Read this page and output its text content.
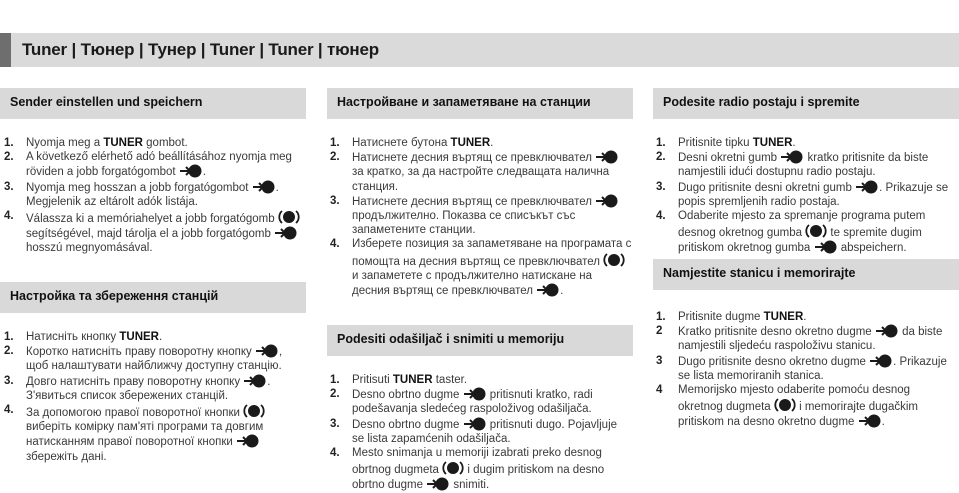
Tuner | Тюнер | Тунер | Tuner | Tuner | тюнер
Sender einstellen und speichern
1. Nyomja meg a TUNER gombot.
2. A következő elérhető adó beállításához nyomja meg röviden a jobb forgatógombot .
3. Nyomja meg hosszan a jobb forgatógombot . Megjelenik az eltárolt adók listája.
4. Válassza ki a memóriahelyet a jobb forgatógomb  segítségével, majd tárolja el a jobb forgatógomb  hosszú megnyomásával.
Настройка та збереження станцій
1. Натисніть кнопку TUNER.
2. Коротко натисніть праву поворотну кнопку , щоб налаштувати найближчу доступну станцію.
3. Довго натисніть праву поворотну кнопку . З'явиться список збережених станцій.
4. За допомогою правої поворотної кнопки  виберіть комірку пам'яті програми та довгим натисканням правої поворотної кнопки  збережіть дані.
Настройване и запаметяване на станции
1. Натиснете бутона TUNER.
2. Натиснете десния въртящ се превключвател  за кратко, за да настройте следващата налична станция.
3. Натиснете десния въртящ се превключвател  продължително. Показва се списъкът със запаметените станции.
4. Изберете позиция за запаметяване на програмата с помощта на десния въртящ се превключвател  и запаметете с продължително натискане на десния въртящ се превключвател .
Podesiti odašiljač i snimiti u memoriju
1. Pritisuti TUNER taster.
2. Desno obrtno dugme  pritisnuti kratko, radi podešavanja sledećeg raspoloživog odašiljača.
3. Desno obrtno dugme  pritisnuti dugo. Pojavljuje se lista zapamćenih odašiljača.
4. Mesto snimanja u memoriji izabrati preko desnog obrtnog dugmeta  i dugim pritiskom na desno obrtno dugme  snimiti.
Podesite radio postaju i spremite
1. Pritisnite tipku TUNER.
2. Desni okretni gumb  kratko pritisnite da biste namjestili idući dostupnu radio postaju.
3. Dugo pritisnite desni okretni gumb . Prikazuje se popis spremljenih radio postaja.
4. Odaberite mjesto za spremanje programa putem desnog okretnog gumba  te spremite dugim pritiskom okretnog gumba  abspeichern.
Namjestite stanicu i memorirajte
1. Pritisnite dugme TUNER.
2 Kratko pritisnite desno okretno dugme  da biste namjestili sljedeću raspoloživu stanicu.
3 Dugo pritisnite desno okretno dugme . Prikazuje se lista memoriranih stanica.
4 Memorijsko mjesto odaberite pomoću desnog okretnog dugmeta  i memorirajte dugačkim pritiskom na desno okretno dugme .
